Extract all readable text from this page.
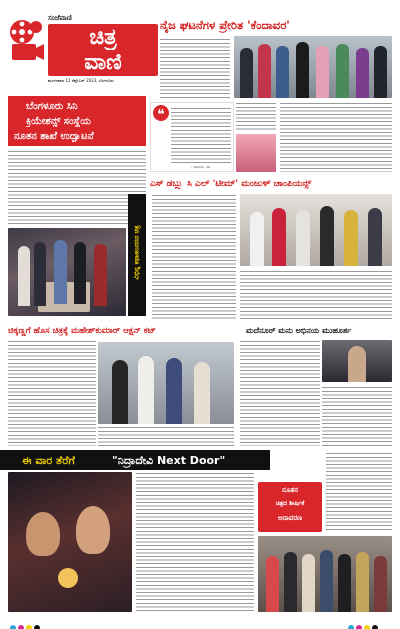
ಸಂಜೆವಾಣಿ
ಚಿತ್ರ
ವಾಣಿ
ಮಂಗಳವಾರ 12 ಸೆಪ್ಟೆಂಬರ್ 2023, ಬೆಂಗಳೂರು
ಬೆಂಗಳೂರು ಸಿನಿ
ಕ್ರಿಯೇಶನ್ಸ್ ಸಂಸ್ಥೆಯ
ನೂತನ ಶಾಖೆ ಉದ್ಘಾಟನೆ
ವಿಭಿನ್ನ ಕಥಾಹಂದರದ ಚಿತ್ರ
ನೈಜ ಘಟನೆಗಳ ಪ್ರೇರಿತ 'ಕೆಂದಾವರ'
❝
- ಅಭಿನಯ, ನಟಿ
ಎಸ್ ಡಬ್ಲ್ಯು ಸಿ ಎಲ್ 'ಟೀಮ್' ಮಂಜುಳ್ ಚಾಂಪಿಯನ್ಸ್
ಚಿಕ್ಕಣ್ಣಗೆ ಹೊಸ ಚಿತ್ರಕ್ಕೆ ಮಹೇಶ್‌ಕುಮಾರ್ ಆಕ್ಷನ್ ಕಟ್	ಮದೆನೂರ್ ಮನು ಅಭಿನಯ ಮುಹೂರ್ತ
ಈ ವಾರ ತೆರೆಗೆ	"ನಿದ್ರಾದೇವಿ Next Door"
ನೂತನ
ಚಿತ್ರದ ಶೀರ್ಷಿಕೆ
ಅನಾವರಣ
